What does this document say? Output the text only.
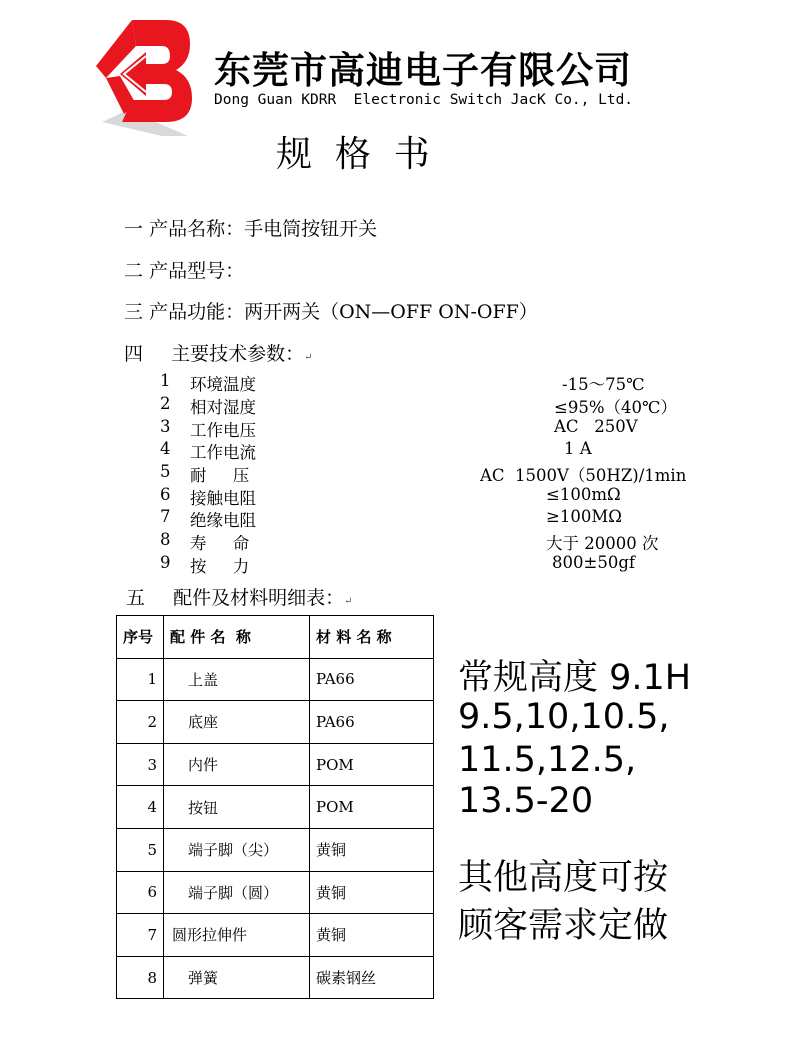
东莞市高迪电子有限公司
Dong Guan KDRR  Electronic Switch JacK Co., Ltd.
规  格  书
一 产品名称：手电筒按钮开关
二 产品型号：
三 产品功能：两开两关（ON—OFF ON-OFF）
四 主要技术参数：↵
1 环境温度	-15～75℃
2 相对湿度	≤95%（40℃）
3 工作电压	AC   250V
4 工作电流	1 A
5 耐     压	AC  1500V（50HZ)/1min
6 接触电阻	≤100mΩ
7 绝缘电阻	≥100MΩ
8 寿     命	大于 20000 次
9 按     力	800±50gf
五 配件及材料明细表：↵
序号	配 件 名  称	材 料 名 称
1	上盖	PA66
2	底座	PA66
3	内件	POM
4	按钮	POM
5	端子脚（尖）	黄铜
6	端子脚（圆）	黄铜
7	圆形拉伸件	黄铜
8	弹簧	碳素钢丝
常规高度 9.1H
9.5,10,10.5,
11.5,12.5,
13.5-20
其他高度可按
顾客需求定做
